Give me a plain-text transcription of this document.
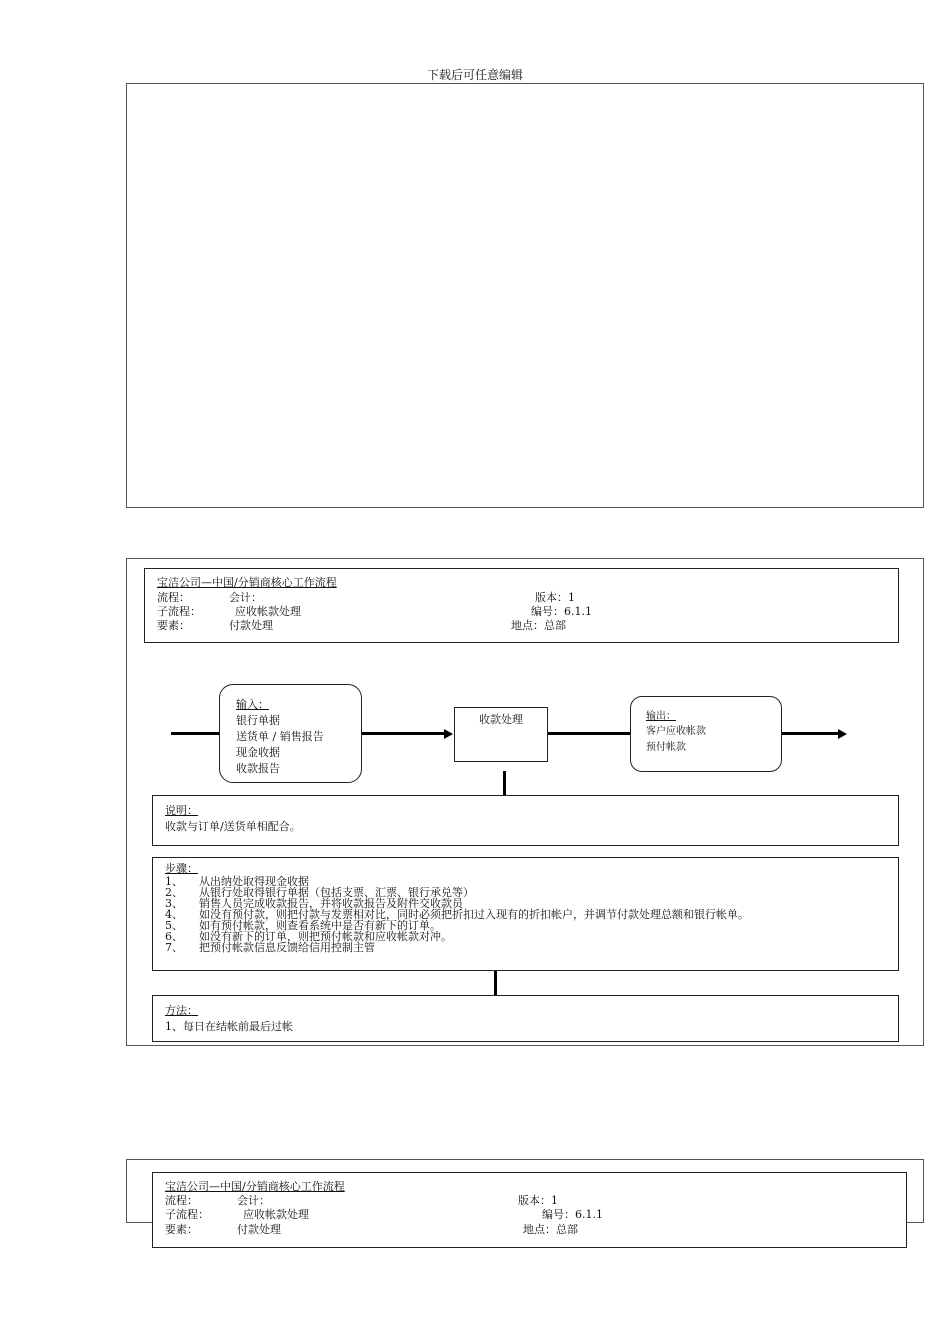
下载后可任意编辑
宝洁公司—中国/分销商核心工作流程
流程：	会计：	版本：1
子流程：	应收帐款处理	编号：6.1.1
要素：	付款处理	地点：总部
输入：
银行单据
送货单 / 销售报告
现金收据
收款报告
收款处理	输出：
客户应收帐款
预付帐款
说明：
收款与订单/送货单相配合。
步骤：
1、	从出纳处取得现金收据
2、	从银行处取得银行单据（包括支票、汇票、银行承兑等）
3、	销售人员完成收款报告，并将收款报告及附件交收款员
4、	如没有预付款，则把付款与发票相对比，同时必须把折扣过入现有的折扣帐户，并调节付款处理总额和银行帐单。
5、	如有预付帐款，则查看系统中是否有新下的订单。
6、	如没有新下的订单，则把预付帐款和应收帐款对冲。
7、	把预付帐款信息反馈给信用控制主管
方法：
1、每日在结帐前最后过帐
宝洁公司—中国/分销商核心工作流程
流程：	会计：	版本：1
子流程：	应收帐款处理	编号：6.1.1
要素：	付款处理	地点：总部
